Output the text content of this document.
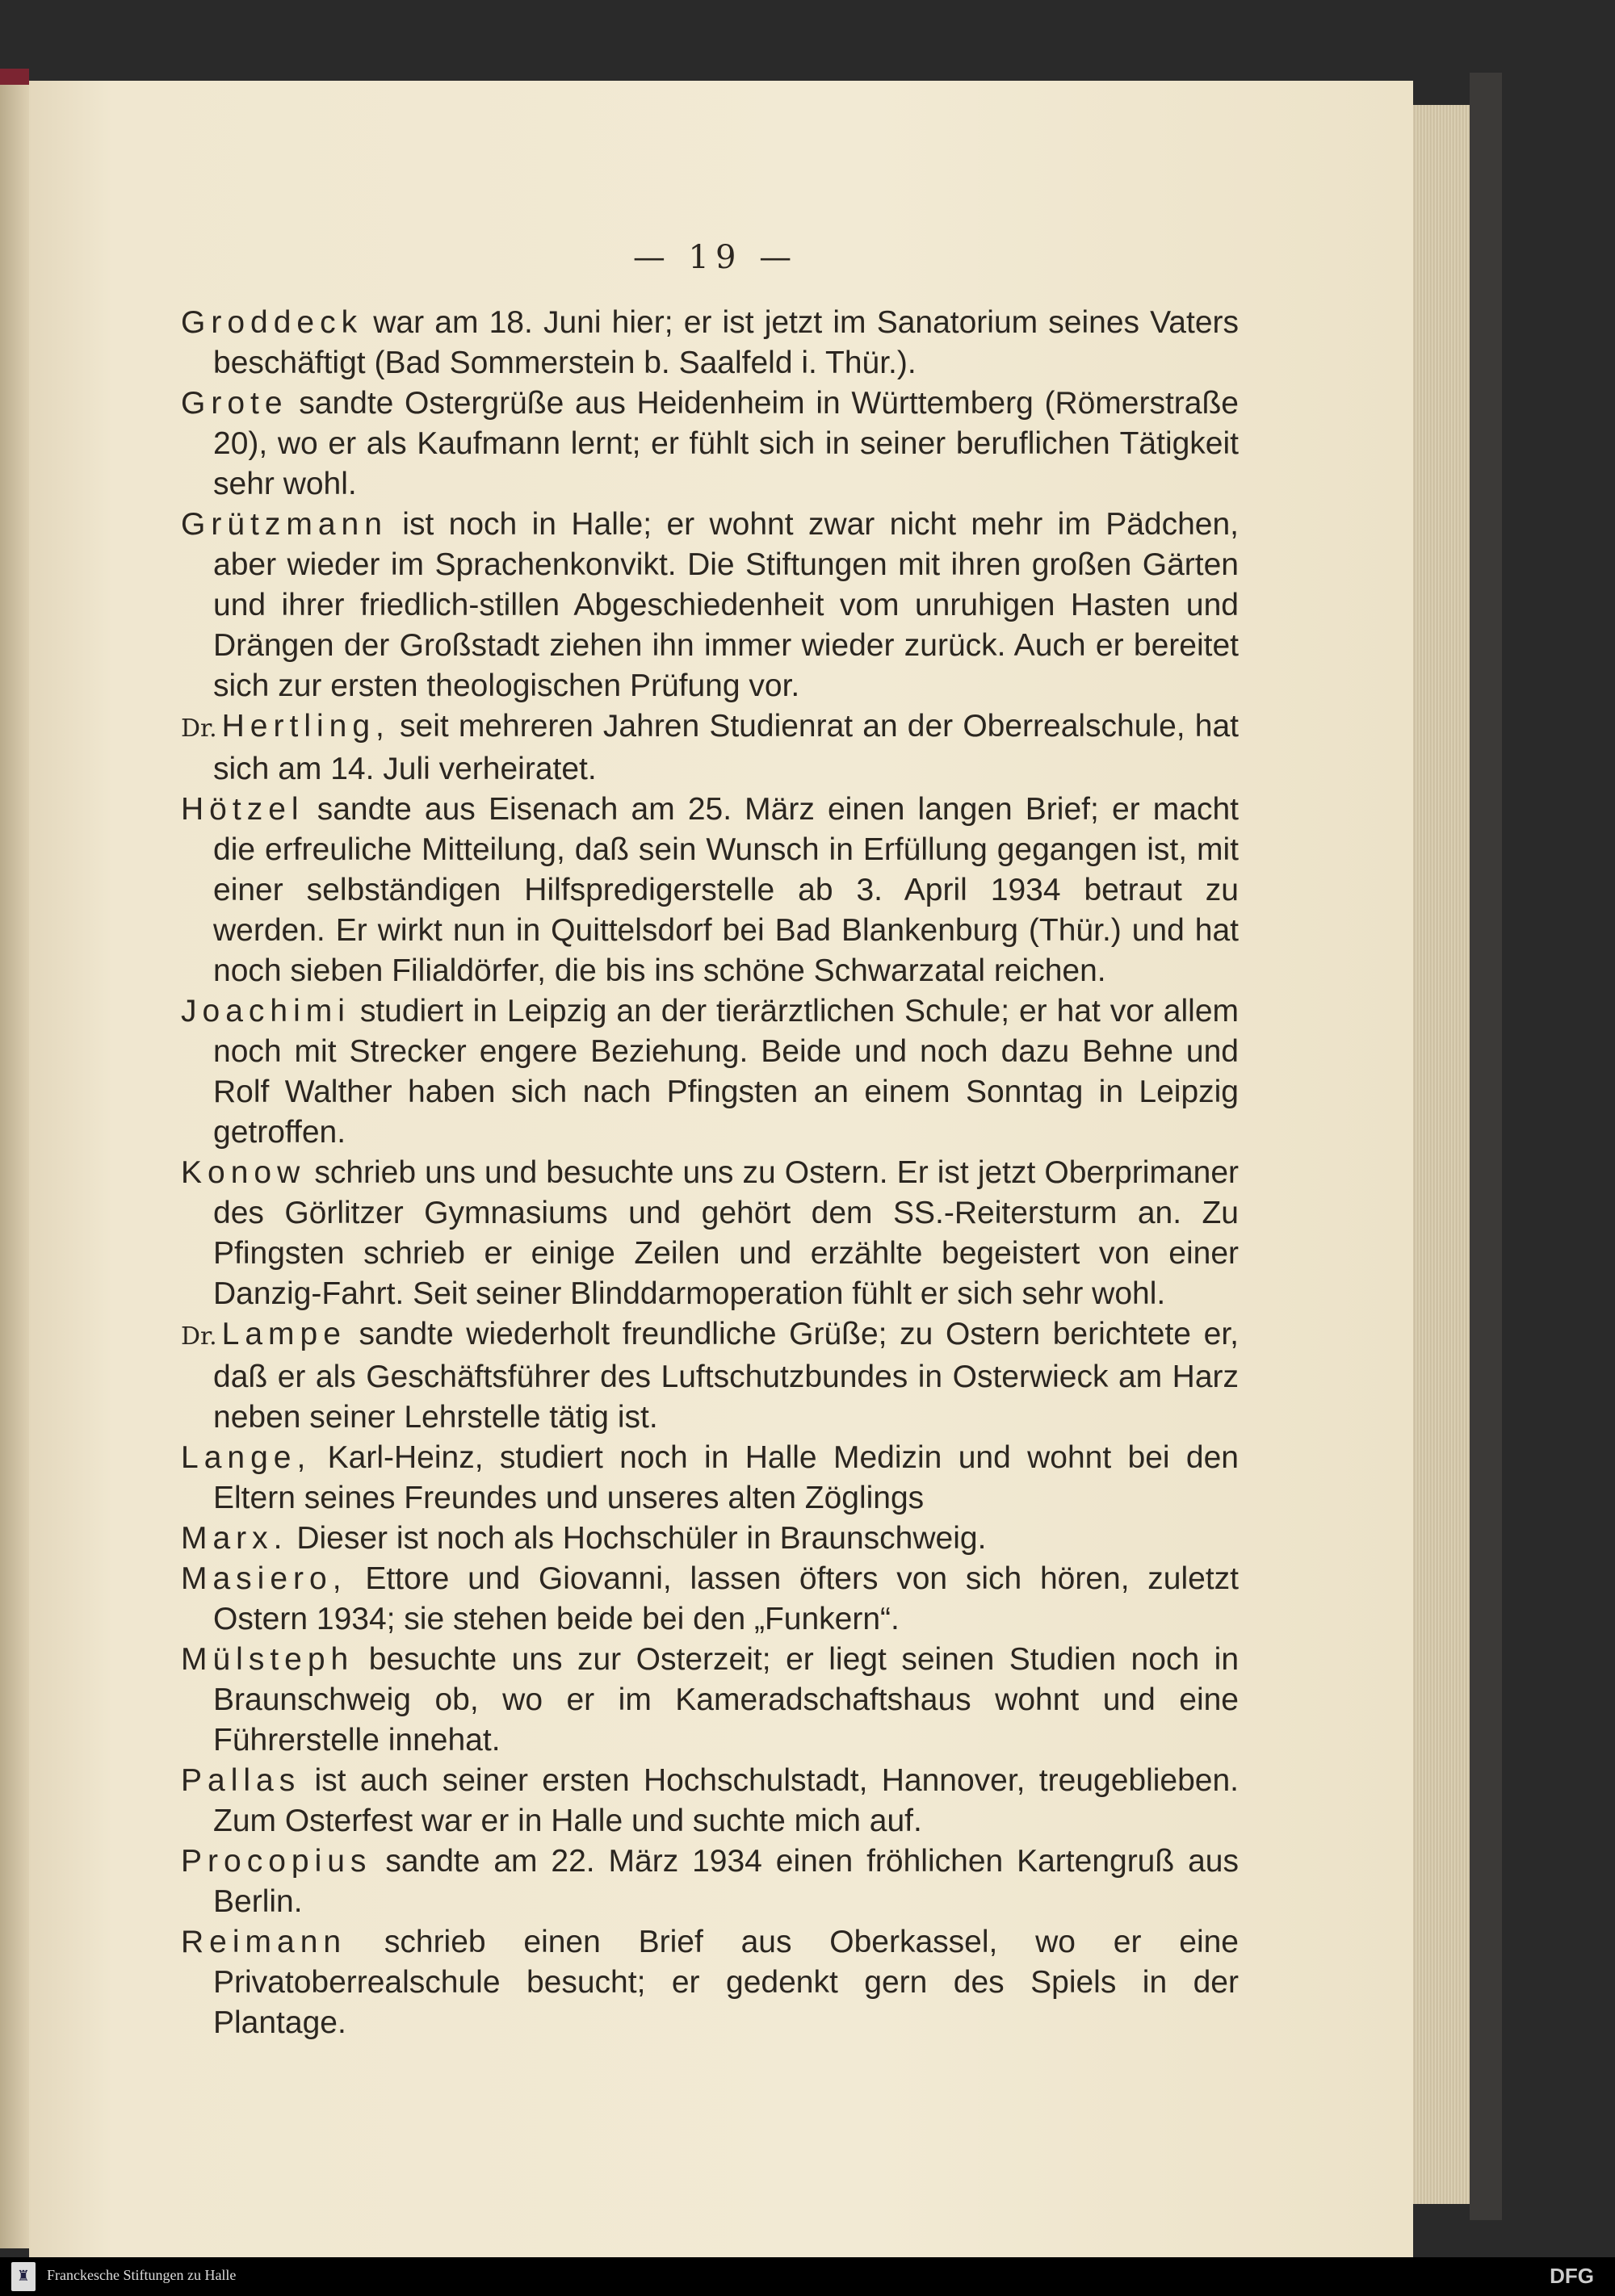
— 19 —

Groddeck war am 18. Juni hier; er ist jetzt im Sanatorium seines Vaters beschäftigt (Bad Sommerstein b. Saalfeld i. Thür.).

Grote sandte Ostergrüße aus Heidenheim in Württemberg (Römerstraße 20), wo er als Kaufmann lernt; er fühlt sich in seiner beruflichen Tätigkeit sehr wohl.

Grützmann ist noch in Halle; er wohnt zwar nicht mehr im Pädchen, aber wieder im Sprachenkonvikt. Die Stiftungen mit ihren großen Gärten und ihrer friedlich-stillen Abgeschiedenheit vom unruhigen Hasten und Drängen der Großstadt ziehen ihn immer wieder zurück. Auch er bereitet sich zur ersten theologischen Prüfung vor.

Dr. Hertling, seit mehreren Jahren Studienrat an der Oberrealschule, hat sich am 14. Juli verheiratet.

Hötzel sandte aus Eisenach am 25. März einen langen Brief; er macht die erfreuliche Mitteilung, daß sein Wunsch in Erfüllung gegangen ist, mit einer selbständigen Hilfspredigerstelle ab 3. April 1934 betraut zu werden. Er wirkt nun in Quittelsdorf bei Bad Blankenburg (Thür.) und hat noch sieben Filialdörfer, die bis ins schöne Schwarzatal reichen.

Joachimi studiert in Leipzig an der tierärztlichen Schule; er hat vor allem noch mit Strecker engere Beziehung. Beide und noch dazu Behne und Rolf Walther haben sich nach Pfingsten an einem Sonntag in Leipzig getroffen.

Konow schrieb uns und besuchte uns zu Ostern. Er ist jetzt Oberprimaner des Görlitzer Gymnasiums und gehört dem SS.-Reitersturm an. Zu Pfingsten schrieb er einige Zeilen und erzählte begeistert von einer Danzig-Fahrt. Seit seiner Blinddarmoperation fühlt er sich sehr wohl.

Dr. Lampe sandte wiederholt freundliche Grüße; zu Ostern berichtete er, daß er als Geschäftsführer des Luftschutzbundes in Osterwieck am Harz neben seiner Lehrstelle tätig ist.

Lange, Karl-Heinz, studiert noch in Halle Medizin und wohnt bei den Eltern seines Freundes und unseres alten Zöglings

Marx. Dieser ist noch als Hochschüler in Braunschweig.

Masiero, Ettore und Giovanni, lassen öfters von sich hören, zuletzt Ostern 1934; sie stehen beide bei den „Funkern“.

Mülsteph besuchte uns zur Osterzeit; er liegt seinen Studien noch in Braunschweig ob, wo er im Kameradschaftshaus wohnt und eine Führerstelle innehat.

Pallas ist auch seiner ersten Hochschulstadt, Hannover, treugeblieben. Zum Osterfest war er in Halle und suchte mich auf.

Procopius sandte am 22. März 1934 einen fröhlichen Kartengruß aus Berlin.

Reimann schrieb einen Brief aus Oberkassel, wo er eine Privatoberrealschule besucht; er gedenkt gern des Spiels in der Plantage.

♜	Franckesche Stiftungen zu Halle	DFG
